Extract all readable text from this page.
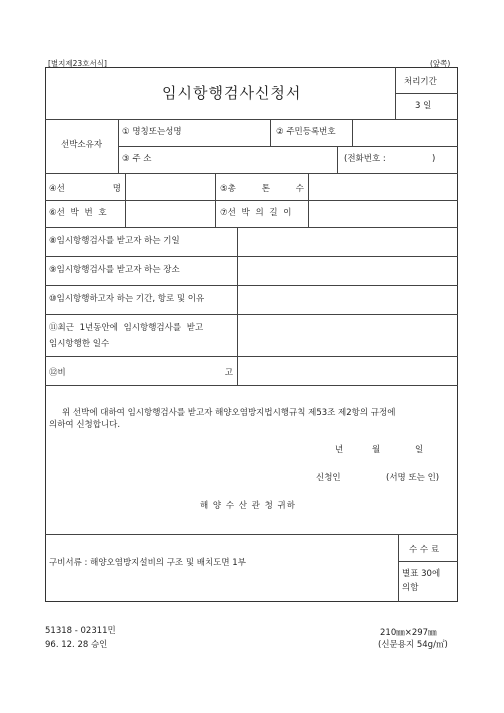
[별지제23호서식]	(앞쪽)
임시항행검사신청서
처리기간
3 일
선박소유자
① 명칭또는성명	② 주민등록번호
③ 주 소	(전화번호 :	)
④선	명	⑤총	톤	수
⑥선 박 번 호	⑦선 박 의 길 이
⑧임시항행검사를 받고자 하는 기일
⑨임시항행검사를 받고자 하는 장소
⑩임시항행하고자 하는 기간, 항로 및 이유
⑪최근 1년동안에 임시항행검사를 받고
임시항행한 일수
⑫비	고
위 선박에 대하여 임시항행검사를 받고자 해양오염방지법시행규칙 제53조 제2항의 규정에
의하여 신청합니다.
년	월	일
신청인	(서명 또는 인)
해 양 수 산 관 청 귀하
구비서류 : 해양오염방지설비의 구조 및 배치도면 1부
수 수 료
별표 30에
의함
51318 - 02311민
96. 12. 28 승인
210㎜×297㎜
(신문용지 54g/㎡)
